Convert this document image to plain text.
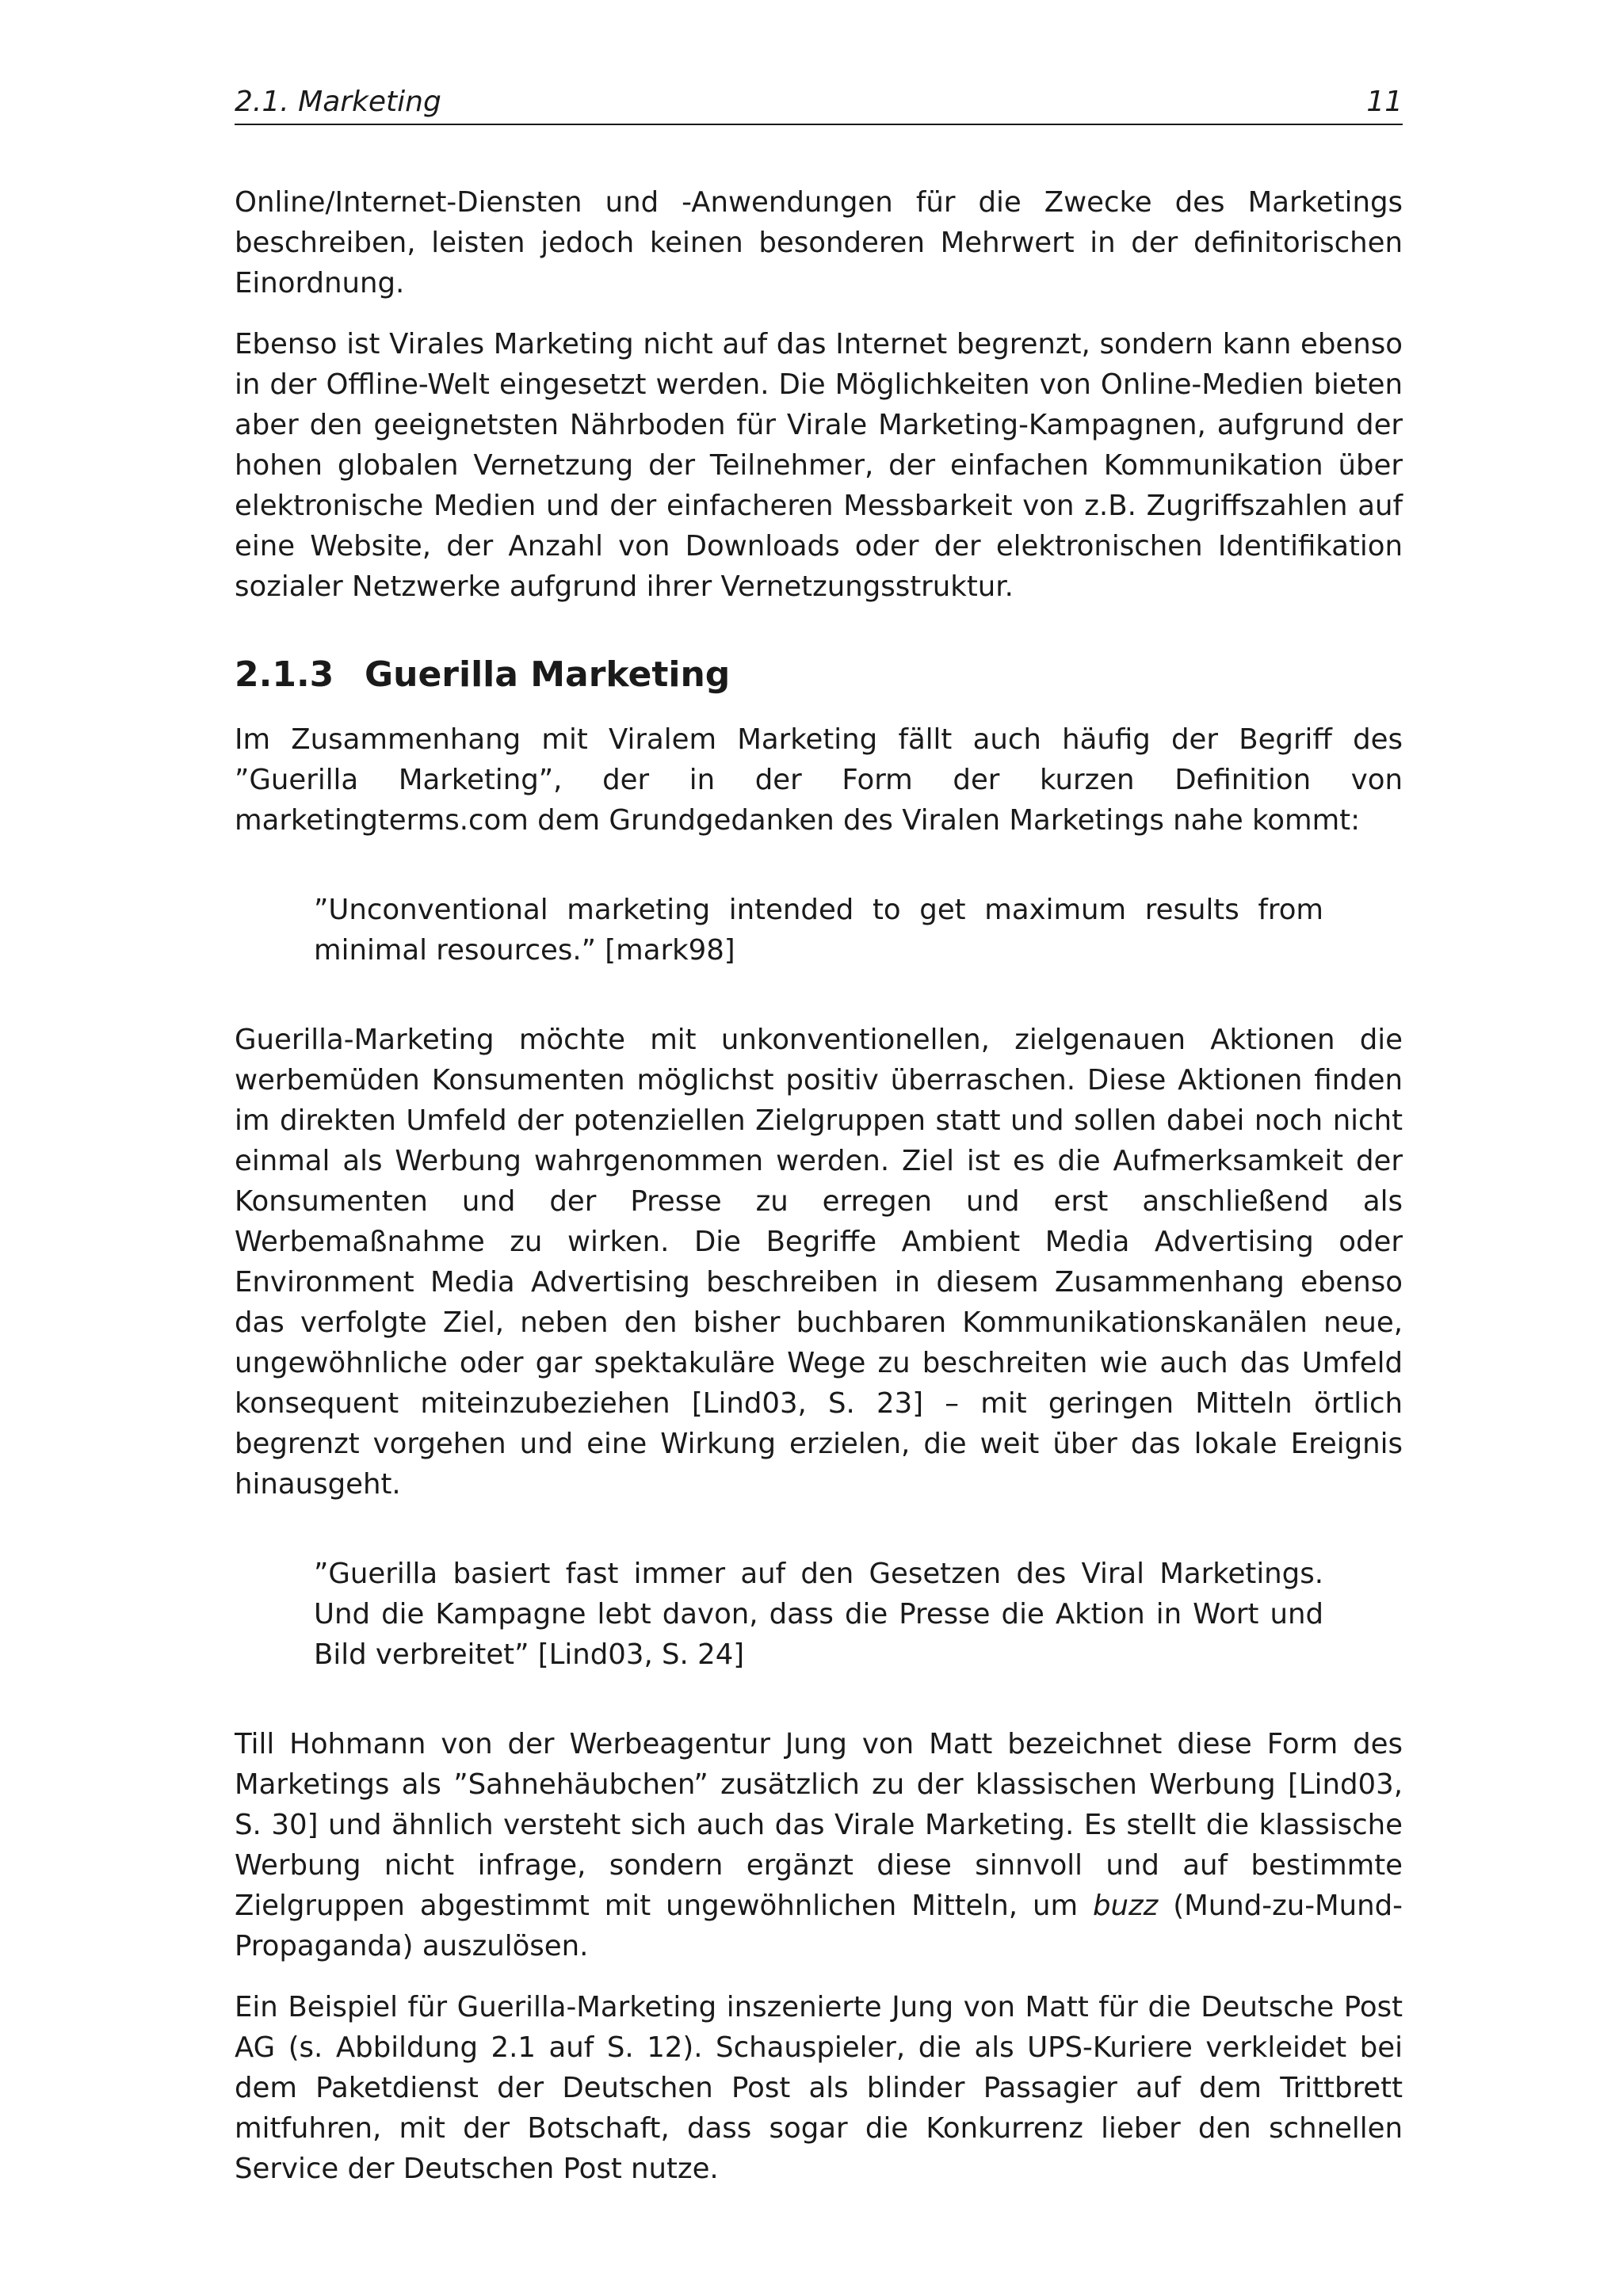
2.1. Marketing	11

Online/Internet-Diensten und -Anwendungen für die Zwecke des Marketings beschreiben, leisten jedoch keinen besonderen Mehrwert in der definitorischen Einordnung.

Ebenso ist Virales Marketing nicht auf das Internet begrenzt, sondern kann ebenso in der Offline-Welt eingesetzt werden. Die Möglichkeiten von Online-Medien bieten aber den geeignetsten Nährboden für Virale Marketing-Kampagnen, aufgrund der hohen globalen Vernetzung der Teilnehmer, der einfachen Kommunikation über elektronische Medien und der einfacheren Messbarkeit von z.B. Zugriffszahlen auf eine Website, der Anzahl von Downloads oder der elektronischen Identifikation sozialer Netzwerke aufgrund ihrer Vernetzungsstruktur.

2.1.3 Guerilla Marketing

Im Zusammenhang mit Viralem Marketing fällt auch häufig der Begriff des ”Guerilla Marketing”, der in der Form der kurzen Definition von marketingterms.com dem Grundgedanken des Viralen Marketings nahe kommt:

”Unconventional marketing intended to get maximum results from minimal resources.” [mark98]

Guerilla-Marketing möchte mit unkonventionellen, zielgenauen Aktionen die werbemüden Konsumenten möglichst positiv überraschen. Diese Aktionen finden im direkten Umfeld der potenziellen Zielgruppen statt und sollen dabei noch nicht einmal als Werbung wahrgenommen werden. Ziel ist es die Aufmerksamkeit der Konsumenten und der Presse zu erregen und erst anschließend als Werbemaßnahme zu wirken. Die Begriffe Ambient Media Advertising oder Environment Media Advertising beschreiben in diesem Zusammenhang ebenso das verfolgte Ziel, neben den bisher buchbaren Kommunikationskanälen neue, ungewöhnliche oder gar spektakuläre Wege zu beschreiten wie auch das Umfeld konsequent miteinzubeziehen [Lind03, S. 23] – mit geringen Mitteln örtlich begrenzt vorgehen und eine Wirkung erzielen, die weit über das lokale Ereignis hinausgeht.

”Guerilla basiert fast immer auf den Gesetzen des Viral Marketings. Und die Kampagne lebt davon, dass die Presse die Aktion in Wort und Bild verbreitet” [Lind03, S. 24]

Till Hohmann von der Werbeagentur Jung von Matt bezeichnet diese Form des Marketings als ”Sahnehäubchen” zusätzlich zu der klassischen Werbung [Lind03, S. 30] und ähnlich versteht sich auch das Virale Marketing. Es stellt die klassische Werbung nicht infrage, sondern ergänzt diese sinnvoll und auf bestimmte Zielgruppen abgestimmt mit ungewöhnlichen Mitteln, um buzz (Mund-zu-Mund-Propaganda) auszulösen.

Ein Beispiel für Guerilla-Marketing inszenierte Jung von Matt für die Deutsche Post AG (s. Abbildung 2.1 auf S. 12). Schauspieler, die als UPS-Kuriere verkleidet bei dem Paketdienst der Deutschen Post als blinder Passagier auf dem Trittbrett mitfuhren, mit der Botschaft, dass sogar die Konkurrenz lieber den schnellen Service der Deutschen Post nutze.
